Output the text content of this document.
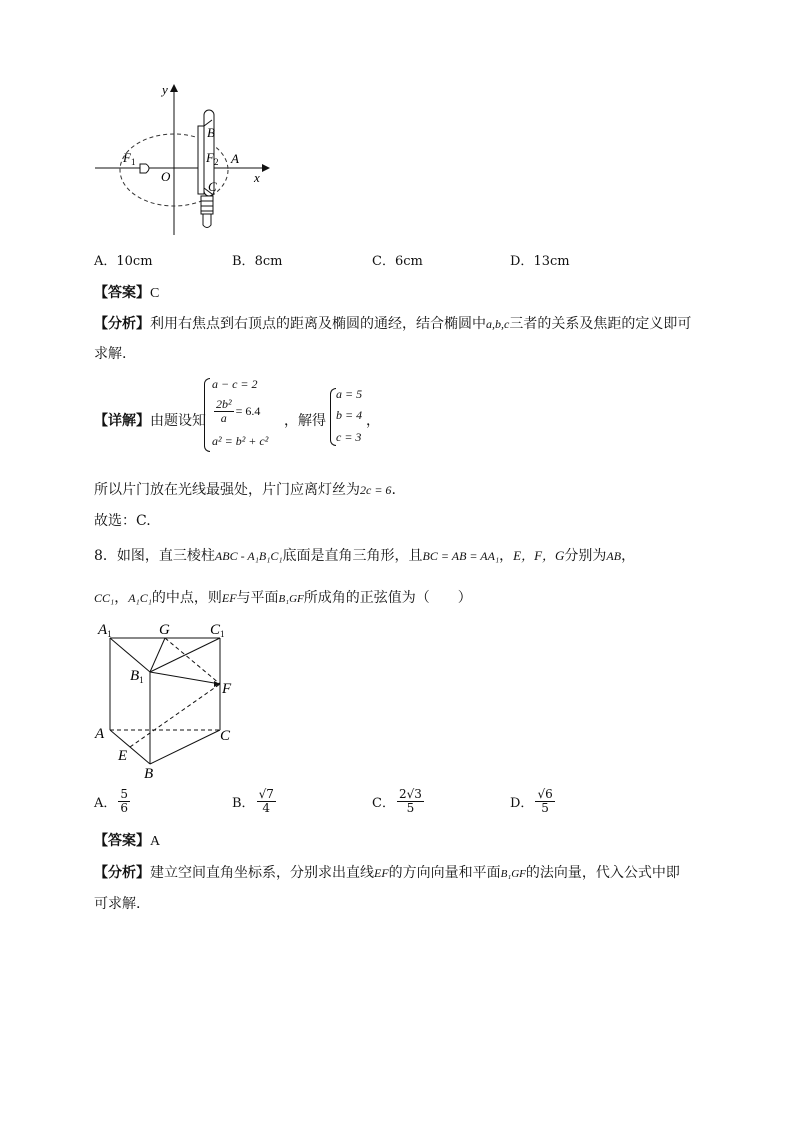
y
x
O
$F_1$	$F_2$ A
B
C
A．10cm	B．8cm	C．6cm	D．13cm
【答案】C
【分析】利用右焦点到右顶点的距离及椭圆的通经，结合椭圆中a,b,c三者的关系及焦距的定义即可
求解.
【详解】由题设知
a − c = 2
$\frac{\text{2b²}}{a} = 6.4$
a² = b² + c²
，解得
a = 5
b = 4
c = 3
，
所以片门放在光线最强处，片门应离灯丝为2c = 6.
故选：C.
8．如图，直三棱柱ABC - A₁B₁C₁底面是直角三角形，且BC = AB = AA₁，E，F，G分别为AB，
CC₁，A₁C₁的中点，则EF与平面B₁GF所成角的正弦值为（　　）
$A_1$	G	$C_1$
$B_1$
F
A	C
E
B
A． $\frac{5}{6}$	B． $\frac{√7}{4}$	C． $\frac{2√3}{5}$	D． $\frac{√6}{5}$
【答案】A
【分析】建立空间直角坐标系，分别求出直线EF的方向向量和平面B₁GF的法向量，代入公式中即
可求解.
